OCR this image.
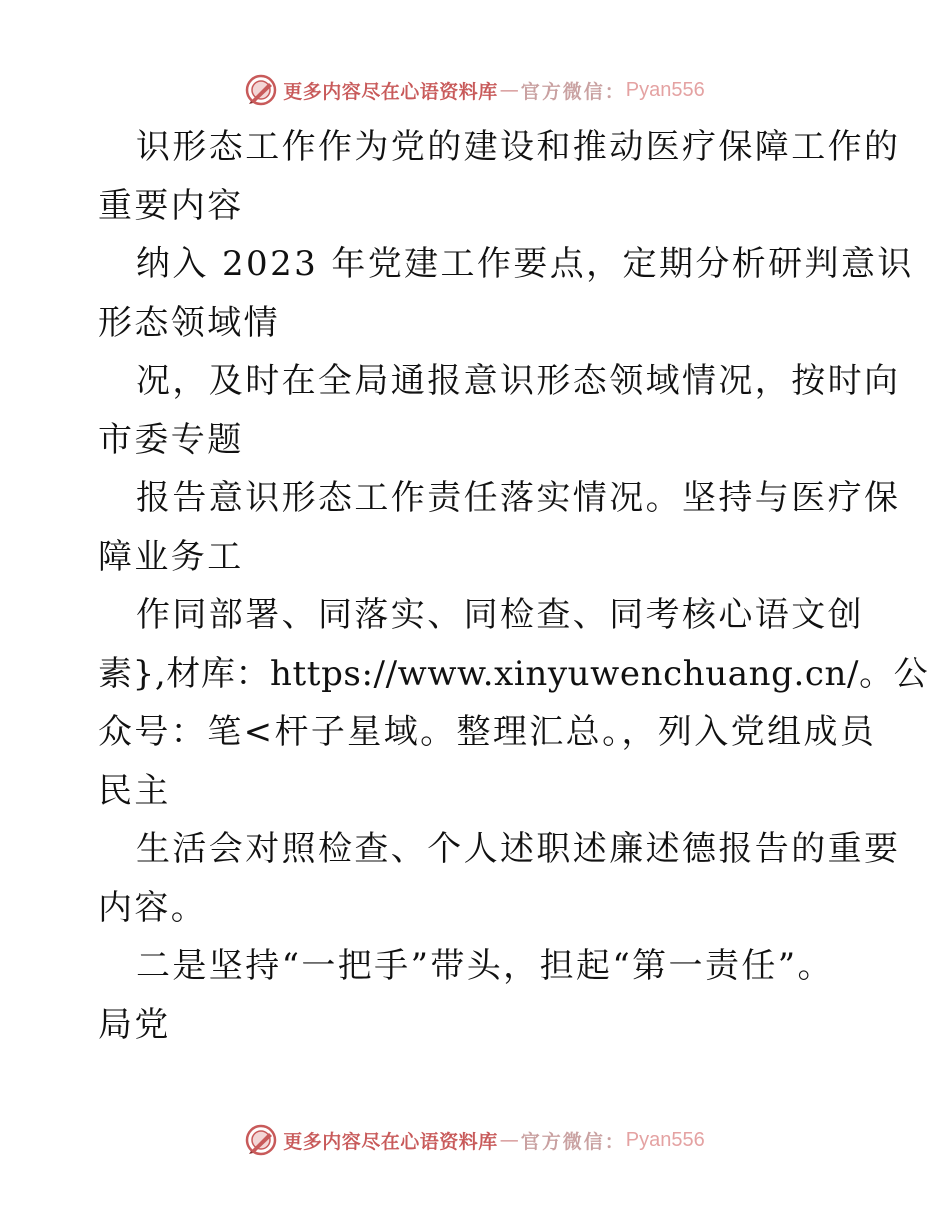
更多内容尽在心语资料库 — 官方微信： Pyan556
识形态工作作为党的建设和推动医疗保障工作的
重要内容
纳入 2023 年党建工作要点，定期分析研判意识
形态领域情
况，及时在全局通报意识形态领域情况，按时向
市委专题
报告意识形态工作责任落实情况。坚持与医疗保
障业务工
作同部署、同落实、同检查、同考核心语文创
素},材库：https://www.xinyuwenchuang.cn/。公
众号：笔<杆子星域。整理汇总。，列入党组成员
民主
生活会对照检查、个人述职述廉述德报告的重要
内容。
二是坚持“一把手”带头，担起“第一责任”。
局党
更多内容尽在心语资料库 — 官方微信： Pyan556
